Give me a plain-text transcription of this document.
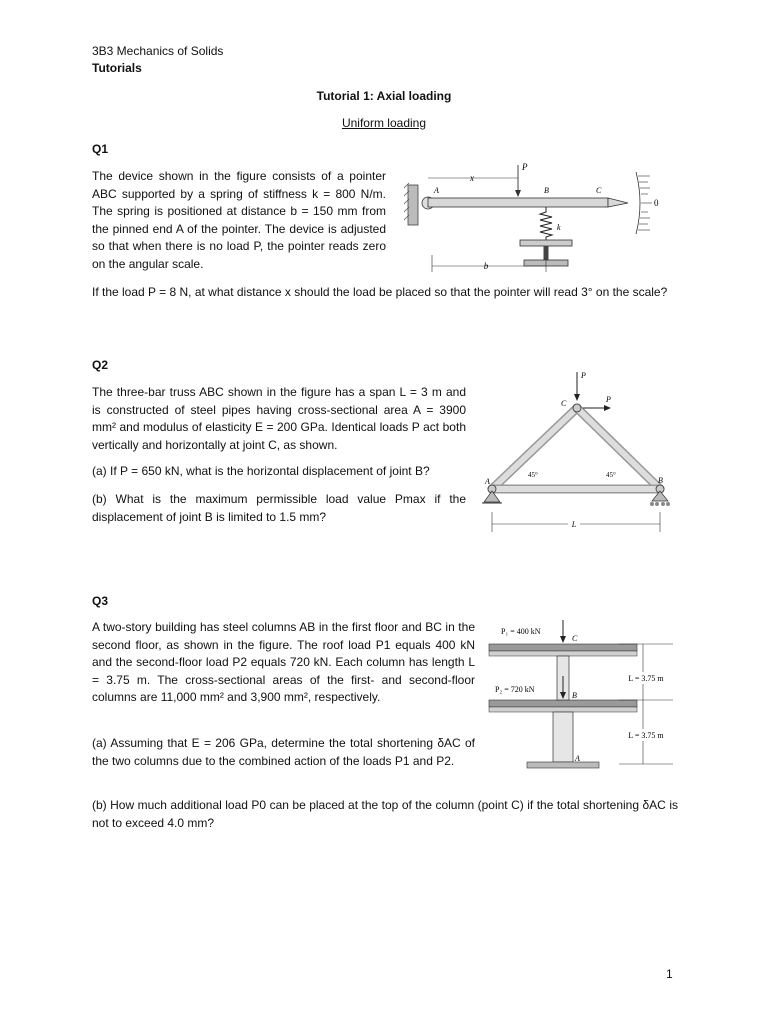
3B3 Mechanics of Solids
Tutorials
Tutorial 1: Axial loading
Uniform loading
Q1
The device shown in the figure consists of a pointer ABC supported by a spring of stiffness k = 800 N/m. The spring is positioned at distance b = 150 mm from the pinned end A of the pointer. The device is adjusted so that when there is no load P, the pointer reads zero on the angular scale.
If the load P = 8 N, at what distance x should the load be placed so that the pointer will read 3° on the scale?
x
P
A	B	C
k
0
b
Q2
The three-bar truss ABC shown in the figure has a span L = 3 m and is constructed of steel pipes having cross-sectional area A = 3900 mm² and modulus of elasticity E = 200 GPa. Identical loads P act both vertically and horizontally at joint C, as shown.
(a) If P = 650 kN, what is the horizontal displacement of joint B?
(b) What is the maximum permissible load value Pmax if the displacement of joint B is limited to 1.5 mm?
P
P
C
A	B
45°	45°
L
Q3
A two-story building has steel columns AB in the first floor and BC in the second floor, as shown in the figure. The roof load P1 equals 400 kN and the second-floor load P2 equals 720 kN. Each column has length L = 3.75 m. The cross-sectional areas of the first- and second-floor columns are 11,000 mm² and 3,900 mm², respectively.
(a) Assuming that E = 206 GPa, determine the total shortening δAC of the two columns due to the combined action of the loads P1 and P2.
(b) How much additional load P0 can be placed at the top of the column (point C) if the total shortening δAC is not to exceed 4.0 mm?
P₁ = 400 kN
P₂ = 720 kN
C
B
A
L = 3.75 m
L = 3.75 m
1
